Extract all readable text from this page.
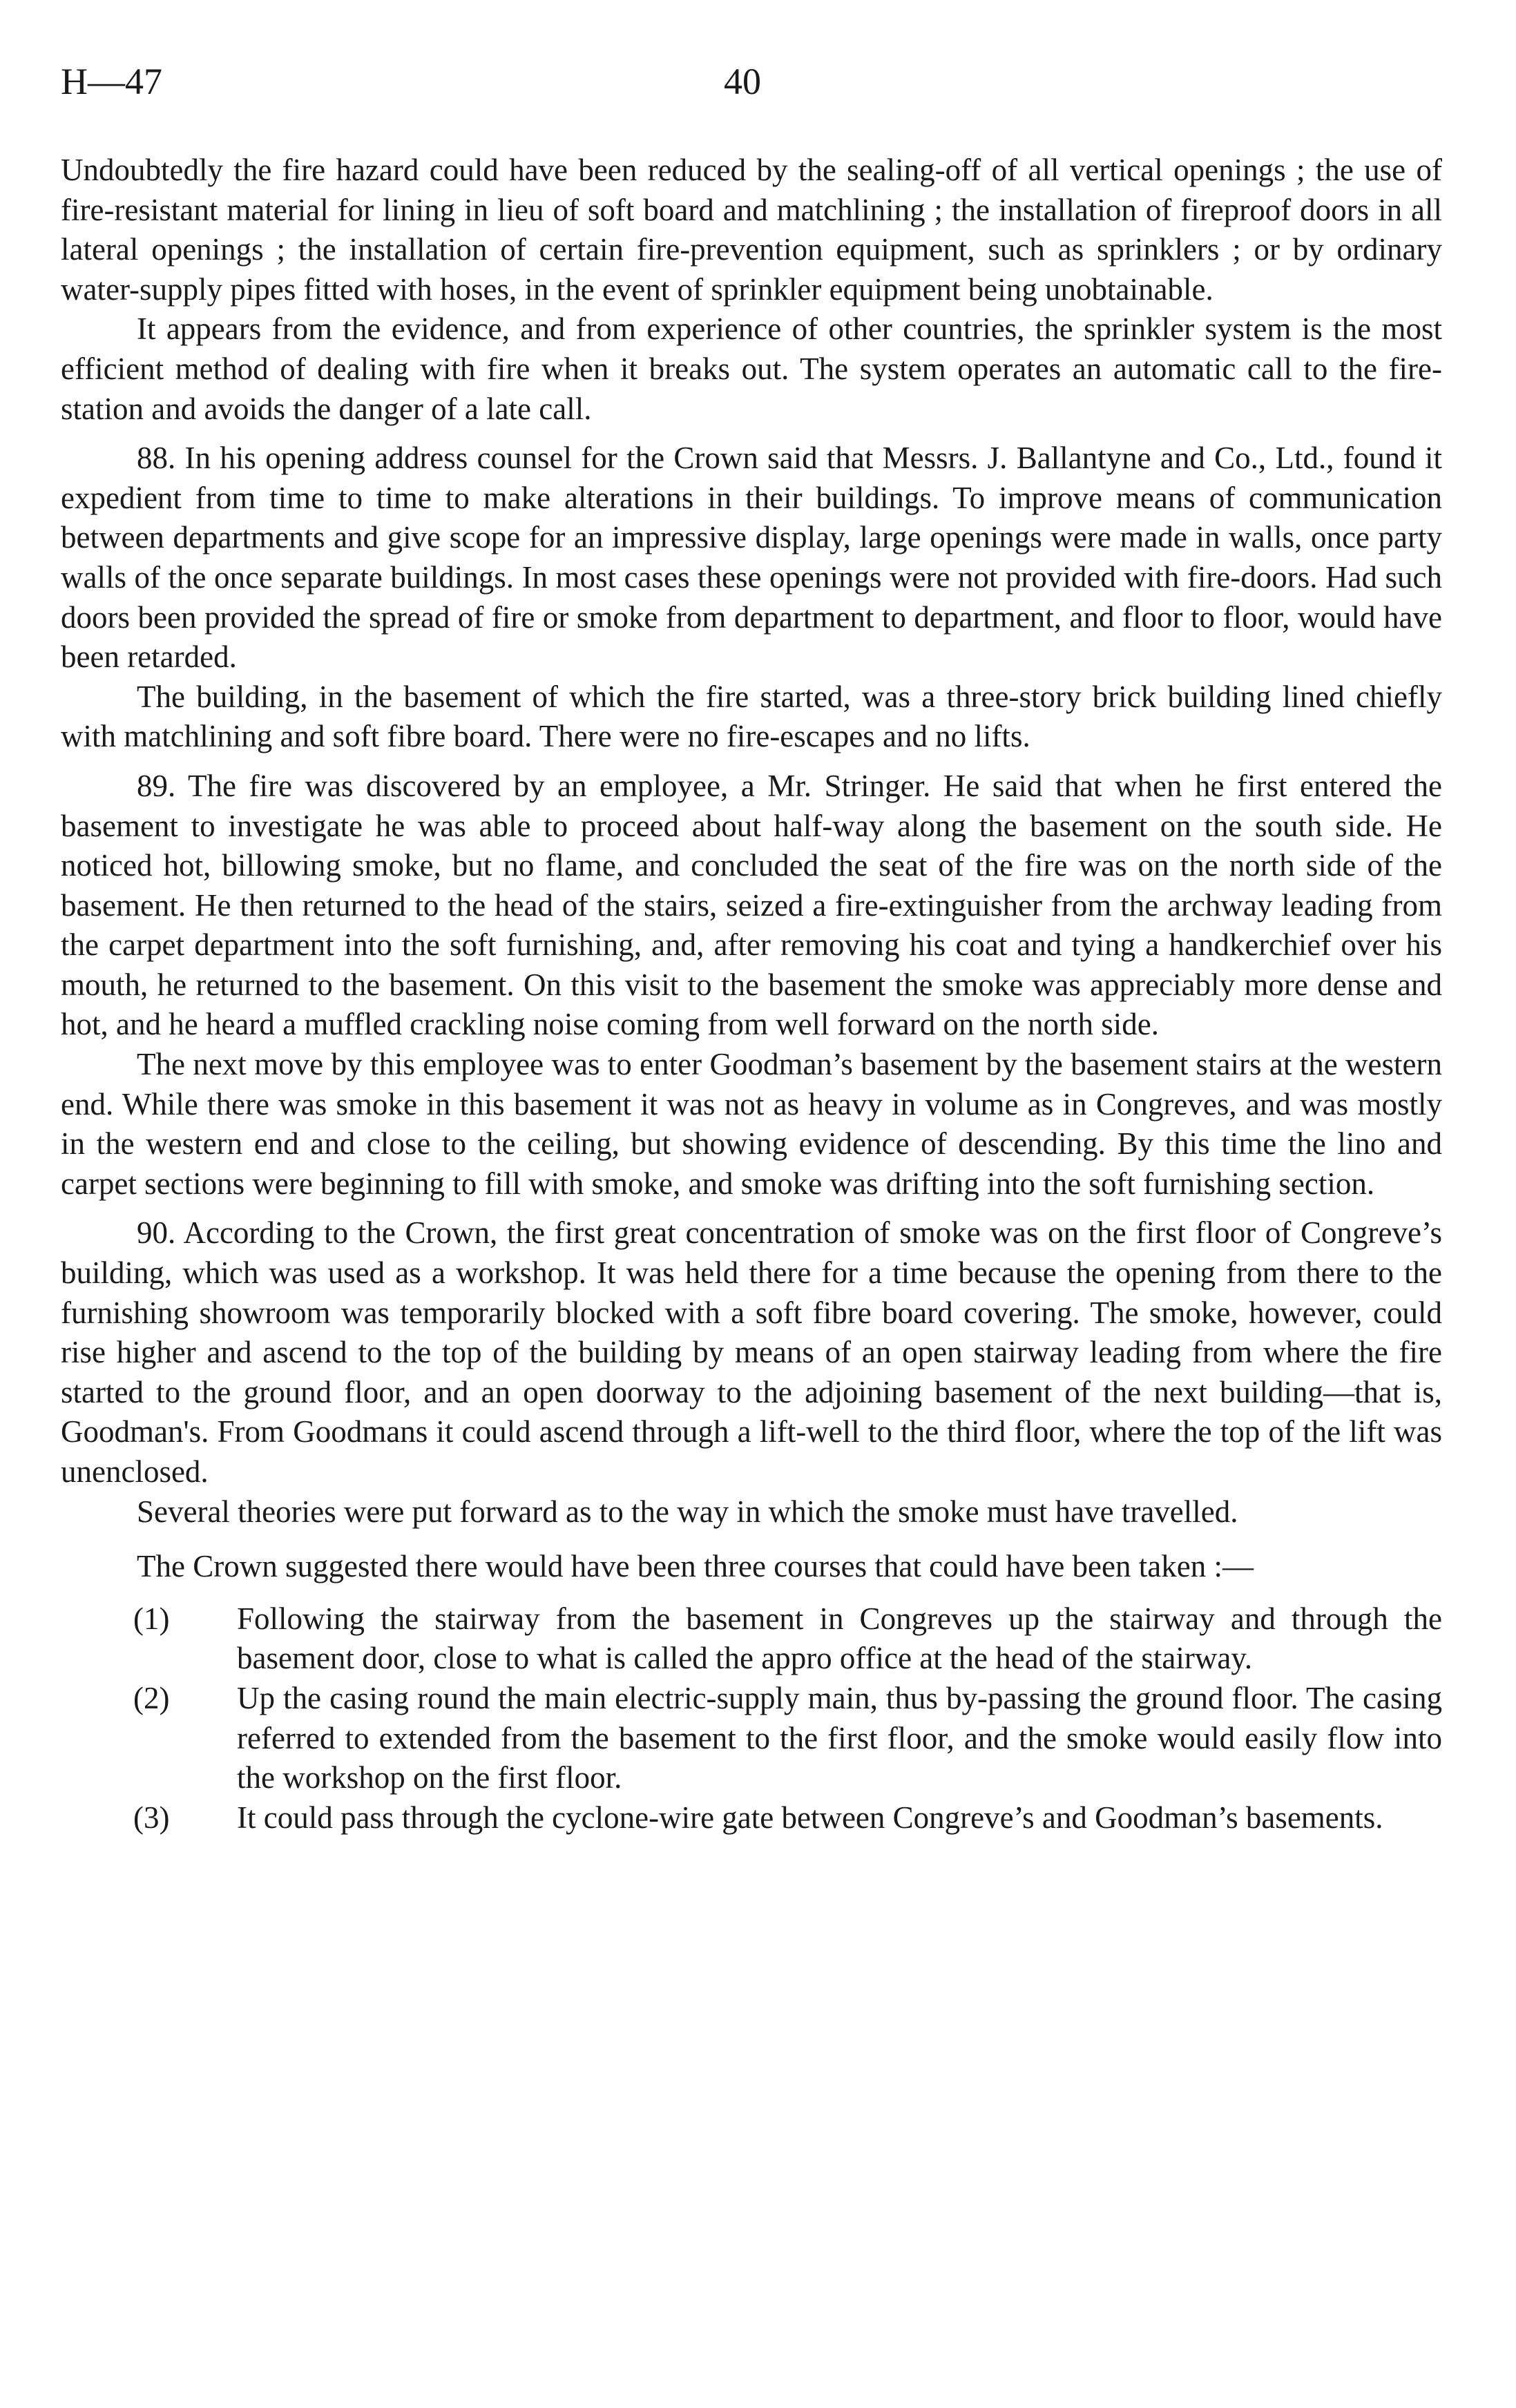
H—47	40

Undoubtedly the fire hazard could have been reduced by the sealing-off of all vertical openings ; the use of fire-resistant material for lining in lieu of soft board and matchlining ; the installation of fireproof doors in all lateral openings ; the installation of certain fire-prevention equipment, such as sprinklers ; or by ordinary water-supply pipes fitted with hoses, in the event of sprinkler equipment being unobtainable.

It appears from the evidence, and from experience of other countries, the sprinkler system is the most efficient method of dealing with fire when it breaks out. The system operates an automatic call to the fire-station and avoids the danger of a late call.

88. In his opening address counsel for the Crown said that Messrs. J. Ballantyne and Co., Ltd., found it expedient from time to time to make alterations in their buildings. To improve means of communication between departments and give scope for an impressive display, large openings were made in walls, once party walls of the once separate buildings. In most cases these openings were not provided with fire-doors. Had such doors been provided the spread of fire or smoke from department to department, and floor to floor, would have been retarded.

The building, in the basement of which the fire started, was a three-story brick building lined chiefly with matchlining and soft fibre board. There were no fire-escapes and no lifts.

89. The fire was discovered by an employee, a Mr. Stringer. He said that when he first entered the basement to investigate he was able to proceed about half-way along the basement on the south side. He noticed hot, billowing smoke, but no flame, and concluded the seat of the fire was on the north side of the basement. He then returned to the head of the stairs, seized a fire-extinguisher from the archway leading from the carpet department into the soft furnishing, and, after removing his coat and tying a handkerchief over his mouth, he returned to the basement. On this visit to the basement the smoke was appreciably more dense and hot, and he heard a muffled crackling noise coming from well forward on the north side.

The next move by this employee was to enter Goodman’s basement by the basement stairs at the western end. While there was smoke in this basement it was not as heavy in volume as in Congreves, and was mostly in the western end and close to the ceiling, but showing evidence of descending. By this time the lino and carpet sections were beginning to fill with smoke, and smoke was drifting into the soft furnishing section.

90. According to the Crown, the first great concentration of smoke was on the first floor of Congreve’s building, which was used as a workshop. It was held there for a time because the opening from there to the furnishing showroom was temporarily blocked with a soft fibre board covering. The smoke, however, could rise higher and ascend to the top of the building by means of an open stairway leading from where the fire started to the ground floor, and an open doorway to the adjoining basement of the next building—that is, Goodman's. From Goodmans it could ascend through a lift-well to the third floor, where the top of the lift was unenclosed.

Several theories were put forward as to the way in which the smoke must have travelled.

The Crown suggested there would have been three courses that could have been taken :—

(1) Following the stairway from the basement in Congreves up the stairway and through the basement door, close to what is called the appro office at the head of the stairway.
(2) Up the casing round the main electric-supply main, thus by-passing the ground floor. The casing referred to extended from the basement to the first floor, and the smoke would easily flow into the workshop on the first floor.
(3) It could pass through the cyclone-wire gate between Congreve’s and Goodman’s basements.
